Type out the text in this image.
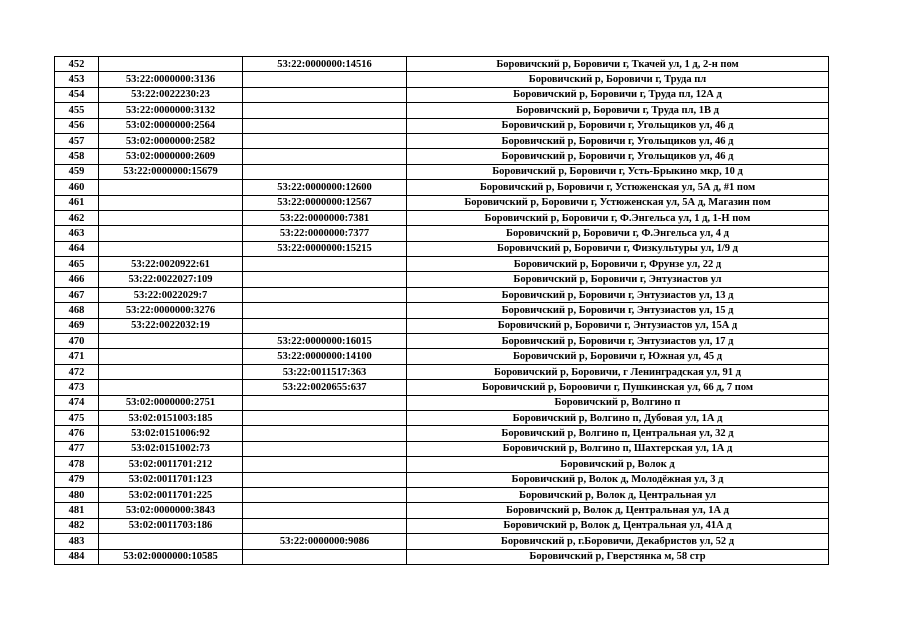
452		53:22:0000000:14516	Боровичский р, Боровичи г, Ткачей ул, 1 д, 2-н пом
453	53:22:0000000:3136		Боровичский р, Боровичи г, Труда пл
454	53:22:0022230:23		Боровичский р, Боровичи г, Труда пл, 12А д
455	53:22:0000000:3132		Боровичский р, Боровичи г, Труда пл, 1В д
456	53:02:0000000:2564		Боровичский р, Боровичи г, Угольщиков ул, 46 д
457	53:02:0000000:2582		Боровичский р, Боровичи г, Угольщиков ул, 46 д
458	53:02:0000000:2609		Боровичский р, Боровичи г, Угольщиков ул, 46 д
459	53:22:0000000:15679		Боровичский р, Боровичи г, Усть-Брыкино мкр, 10 д
460		53:22:0000000:12600	Боровичский р, Боровичи г, Устюженская ул, 5А д, #1 пом
461		53:22:0000000:12567	Боровичский р, Боровичи г, Устюженская ул, 5А д, Магазин пом
462		53:22:0000000:7381	Боровичский р, Боровичи г, Ф.Энгельса ул, 1 д, 1-Н пом
463		53:22:0000000:7377	Боровичский р, Боровичи г, Ф.Энгельса ул, 4 д
464		53:22:0000000:15215	Боровичский р, Боровичи г, Физкультуры ул, 1/9 д
465	53:22:0020922:61		Боровичский р, Боровичи г, Фрунзе ул, 22 д
466	53:22:0022027:109		Боровичский р, Боровичи г, Энтузиастов ул
467	53:22:0022029:7		Боровичский р, Боровичи г, Энтузиастов ул, 13 д
468	53:22:0000000:3276		Боровичский р, Боровичи г, Энтузиастов ул, 15 д
469	53:22:0022032:19		Боровичский р, Боровичи г, Энтузиастов ул, 15А д
470		53:22:0000000:16015	Боровичский р, Боровичи г, Энтузиастов ул, 17 д
471		53:22:0000000:14100	Боровичский р, Боровичи г, Южная ул, 45 д
472		53:22:0011517:363	Боровичский р, Боровичи, г Ленинградская ул, 91 д
473		53:22:0020655:637	Боровичский р, Бороовичи г, Пушкинская ул, 66 д, 7 пом
474	53:02:0000000:2751		Боровичский р, Волгино п
475	53:02:0151003:185		Боровичский р, Волгино п, Дубовая ул, 1А д
476	53:02:0151006:92		Боровичский р, Волгино п, Центральная ул, 32 д
477	53:02:0151002:73		Боровичский р, Волгино п, Шахтерская ул, 1А д
478	53:02:0011701:212		Боровичский р, Волок д
479	53:02:0011701:123		Боровичский р, Волок д, Молодёжная ул, 3 д
480	53:02:0011701:225		Боровичский р, Волок д, Центральная ул
481	53:02:0000000:3843		Боровичский р, Волок д, Центральная ул, 1А д
482	53:02:0011703:186		Боровичский р, Волок д, Центральная ул, 41А д
483		53:22:0000000:9086	Боровичский р, г.Боровичи, Декабристов ул, 52 д
484	53:02:0000000:10585		Боровичский р, Гверстянка м, 58 стр
